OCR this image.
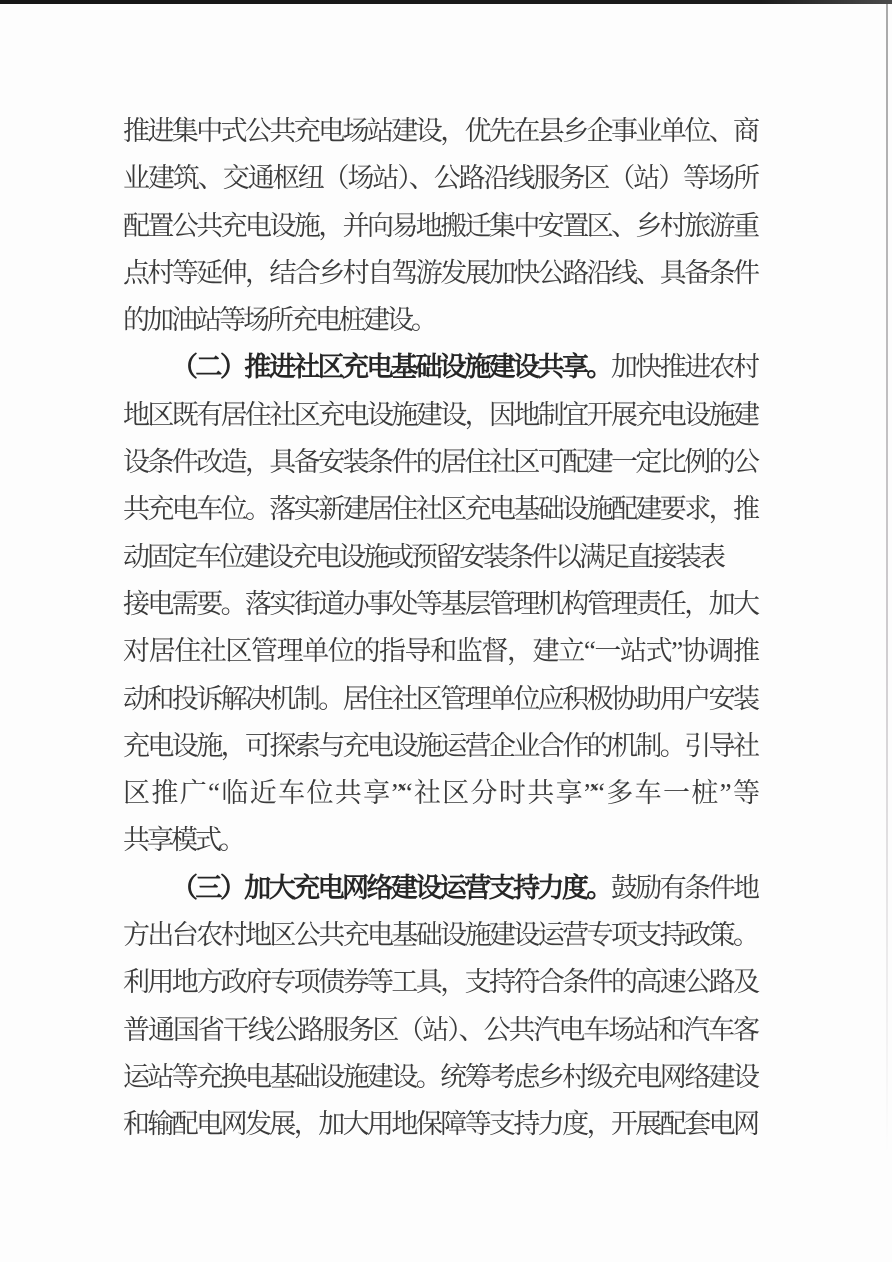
推进集中式公共充电场站建设，优先在县乡企事业单位、商
业建筑、交通枢纽（场站）、公路沿线服务区（站）等场所
配置公共充电设施，并向易地搬迁集中安置区、乡村旅游重
点村等延伸，结合乡村自驾游发展加快公路沿线、具备条件
的加油站等场所充电桩建设。
（二）推进社区充电基础设施建设共享。加快推进农村
地区既有居住社区充电设施建设，因地制宜开展充电设施建
设条件改造，具备安装条件的居住社区可配建一定比例的公
共充电车位。落实新建居住社区充电基础设施配建要求，推
动固定车位建设充电设施或预留安装条件以满足直接装表
接电需要。落实街道办事处等基层管理机构管理责任，加大
对居住社区管理单位的指导和监督，建立“一站式”协调推
动和投诉解决机制。居住社区管理单位应积极协助用户安装
充电设施，可探索与充电设施运营企业合作的机制。引导社
区推广“临近车位共享”“社区分时共享”“多车一桩”等
共享模式。
（三）加大充电网络建设运营支持力度。鼓励有条件地
方出台农村地区公共充电基础设施建设运营专项支持政策。
利用地方政府专项债券等工具，支持符合条件的高速公路及
普通国省干线公路服务区（站）、公共汽电车场站和汽车客
运站等充换电基础设施建设。统筹考虑乡村级充电网络建设
和输配电网发展，加大用地保障等支持力度，开展配套电网
